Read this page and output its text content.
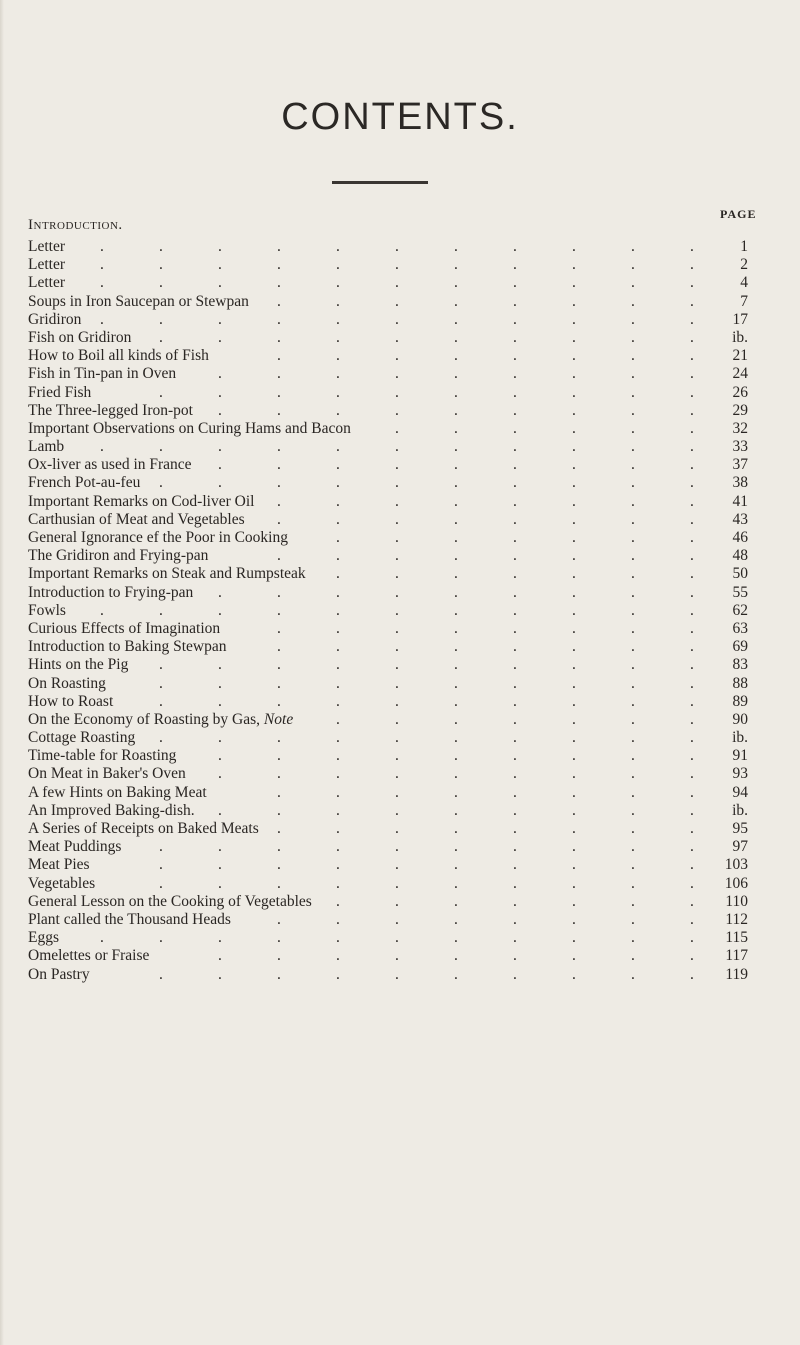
CONTENTS.
PAGE
Introduction.
Letter	1
.
.
.
.
.
.
.
.
.
.
.
Letter	2
.
.
.
.
.
.
.
.
.
.
.
Letter	4
.
.
.
.
.
.
.
.
.
.
.
Soups in Iron Saucepan or Stewpan	7
.
.
.
.
.
.
.
.
Gridiron	17
.
.
.
.
.
.
.
.
.
.
.
Fish on Gridiron	ib.
.
.
.
.
.
.
.
.
.
.
How to Boil all kinds of Fish	21
.
.
.
.
.
.
.
.
Fish in Tin-pan in Oven	24
.
.
.
.
.
.
.
.
.
Fried Fish	26
.
.
.
.
.
.
.
.
.
.
The Three-legged Iron-pot	29
.
.
.
.
.
.
.
.
.
Important Observations on Curing Hams and Bacon	32
.
.
.
.
.
.
Lamb	33
.
.
.
.
.
.
.
.
.
.
.
Ox-liver as used in France	37
.
.
.
.
.
.
.
.
.
French Pot-au-feu	38
.
.
.
.
.
.
.
.
.
.
Important Remarks on Cod-liver Oil	41
.
.
.
.
.
.
.
.
Carthusian of Meat and Vegetables	43
.
.
.
.
.
.
.
.
General Ignorance ef the Poor in Cooking	46
.
.
.
.
.
.
.
The Gridiron and Frying-pan	48
.
.
.
.
.
.
.
.
Important Remarks on Steak and Rumpsteak	50
.
.
.
.
.
.
.
Introduction to Frying-pan	55
.
.
.
.
.
.
.
.
.
Fowls	62
.
.
.
.
.
.
.
.
.
.
.
Curious Effects of Imagination	63
.
.
.
.
.
.
.
.
Introduction to Baking Stewpan	69
.
.
.
.
.
.
.
.
Hints on the Pig	83
.
.
.
.
.
.
.
.
.
.
On Roasting	88
.
.
.
.
.
.
.
.
.
.
How to Roast	89
.
.
.
.
.
.
.
.
.
.
On the Economy of Roasting by Gas, Note	90
.
.
.
.
.
.
.
Cottage Roasting	ib.
.
.
.
.
.
.
.
.
.
.
Time-table for Roasting	91
.
.
.
.
.
.
.
.
.
On Meat in Baker's Oven	93
.
.
.
.
.
.
.
.
.
A few Hints on Baking Meat	94
.
.
.
.
.
.
.
.
An Improved Baking-dish.	ib.
.
.
.
.
.
.
.
.
.
A Series of Receipts on Baked Meats	95
.
.
.
.
.
.
.
.
Meat Puddings	97
.
.
.
.
.
.
.
.
.
.
Meat Pies	103
.
.
.
.
.
.
.
.
.
.
Vegetables	106
.
.
.
.
.
.
.
.
.
.
General Lesson on the Cooking of Vegetables	110
.
.
.
.
.
.
.
Plant called the Thousand Heads	112
.
.
.
.
.
.
.
.
Eggs	115
.
.
.
.
.
.
.
.
.
.
.
Omelettes or Fraise	117
.
.
.
.
.
.
.
.
.
On Pastry	119
.
.
.
.
.
.
.
.
.
.
